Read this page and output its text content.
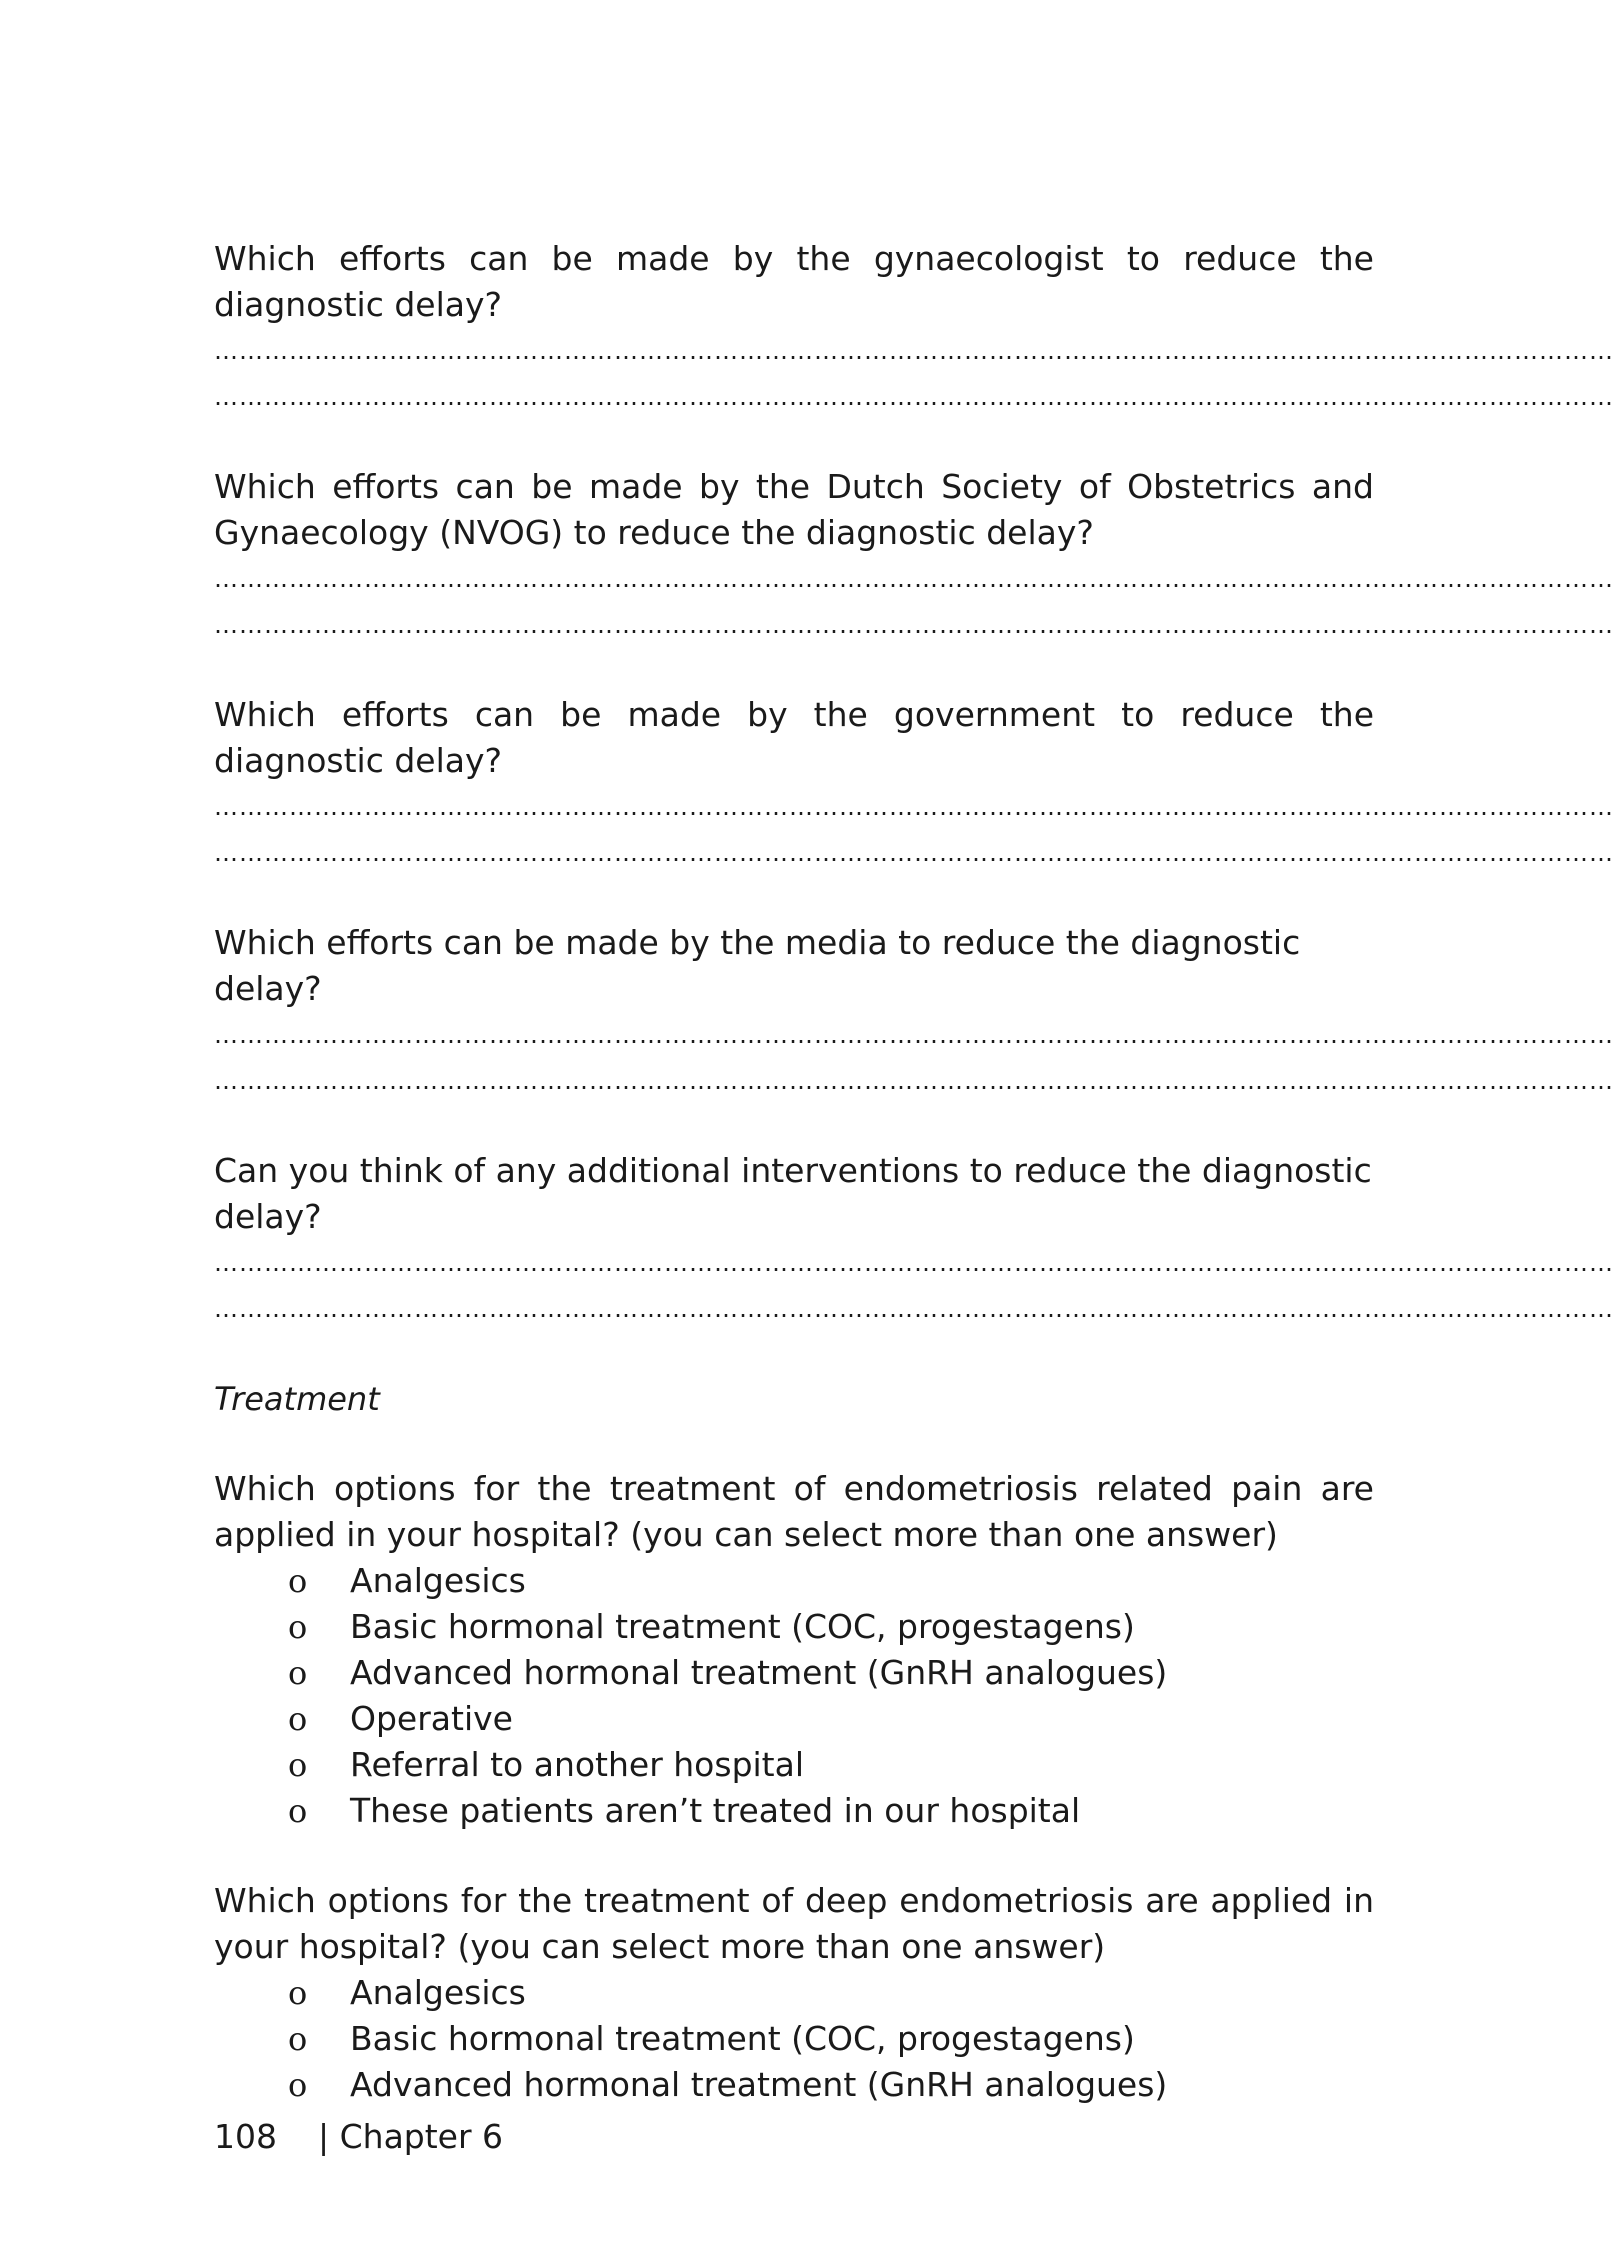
Which efforts can be made by the gynaecologist to reduce the diagnostic delay?

……………………………………………………………………………………………………………………………………………………
……………………………………………………………………………………………………………………………………………………

Which efforts can be made by the Dutch Society of Obstetrics and Gynaecology (NVOG) to reduce the diagnostic delay?

……………………………………………………………………………………………………………………………………………………
……………………………………………………………………………………………………………………………………………………

Which efforts can be made by the government to reduce the diagnostic delay?

……………………………………………………………………………………………………………………………………………………
……………………………………………………………………………………………………………………………………………………

Which efforts can be made by the media to reduce the diagnostic delay?

……………………………………………………………………………………………………………………………………………………
……………………………………………………………………………………………………………………………………………………

Can you think of any additional interventions to reduce the diagnostic delay?

……………………………………………………………………………………………………………………………………………………
……………………………………………………………………………………………………………………………………………………

Treatment

Which options for the treatment of endometriosis related pain are applied in your hospital? (you can select more than one answer)

o	Analgesics
o	Basic hormonal treatment (COC, progestagens)
o	Advanced hormonal treatment (GnRH analogues)
o	Operative
o	Referral to another hospital
o	These patients aren’t treated in our hospital

Which options for the treatment of deep endometriosis are applied in your hospital? (you can select more than one answer)

o	Analgesics
o	Basic hormonal treatment (COC, progestagens)
o	Advanced hormonal treatment (GnRH analogues)
108	| Chapter 6
